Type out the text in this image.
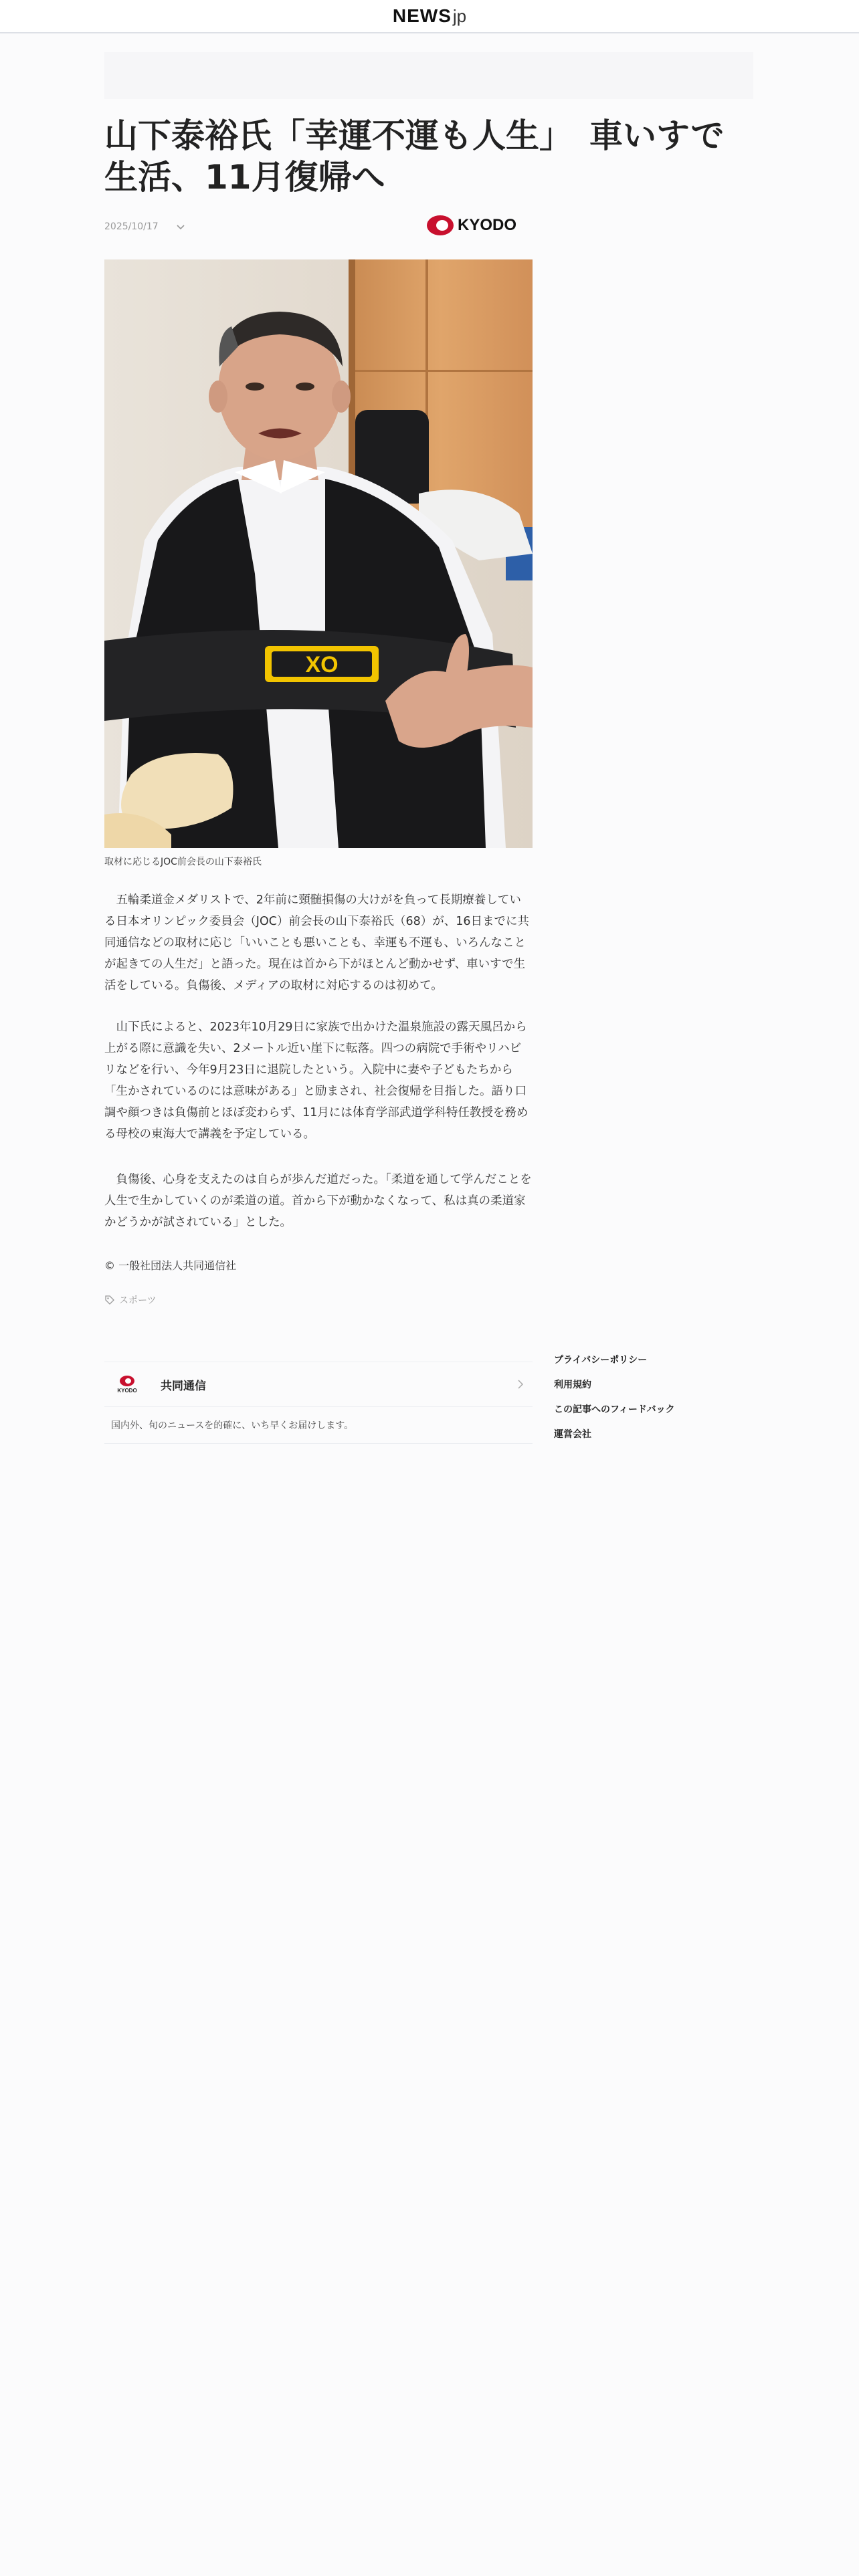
NEWS jp
山下泰裕氏「幸運不運も人生」　車いすで生活、11月復帰へ
2025/10/17	KYODO
XO
取材に応じるJOC前会長の山下泰裕氏

　五輪柔道金メダリストで、2年前に頸髄損傷の大けがを負って長期療養している日本オリンピック委員会（JOC）前会長の山下泰裕氏（68）が、16日までに共同通信などの取材に応じ「いいことも悪いことも、幸運も不運も、いろんなことが起きての人生だ」と語った。現在は首から下がほとんど動かせず、車いすで生活をしている。負傷後、メディアの取材に対応するのは初めて。

　山下氏によると、2023年10月29日に家族で出かけた温泉施設の露天風呂から上がる際に意識を失い、2メートル近い崖下に転落。四つの病院で手術やリハビリなどを行い、今年9月23日に退院したという。入院中に妻や子どもたちから「生かされているのには意味がある」と励まされ、社会復帰を目指した。語り口調や顔つきは負傷前とほぼ変わらず、11月には体育学部武道学科特任教授を務める母校の東海大で講義を予定している。

　負傷後、心身を支えたのは自らが歩んだ道だった。「柔道を通して学んだことを人生で生かしていくのが柔道の道。首から下が動かなくなって、私は真の柔道家かどうかが試されている」とした。

© 一般社団法人共同通信社
スポーツ
KYODO 共同通信
国内外、旬のニュースを的確に、いち早くお届けします。
プライバシーポリシー
利用規約
この記事へのフィードバック
運営会社
